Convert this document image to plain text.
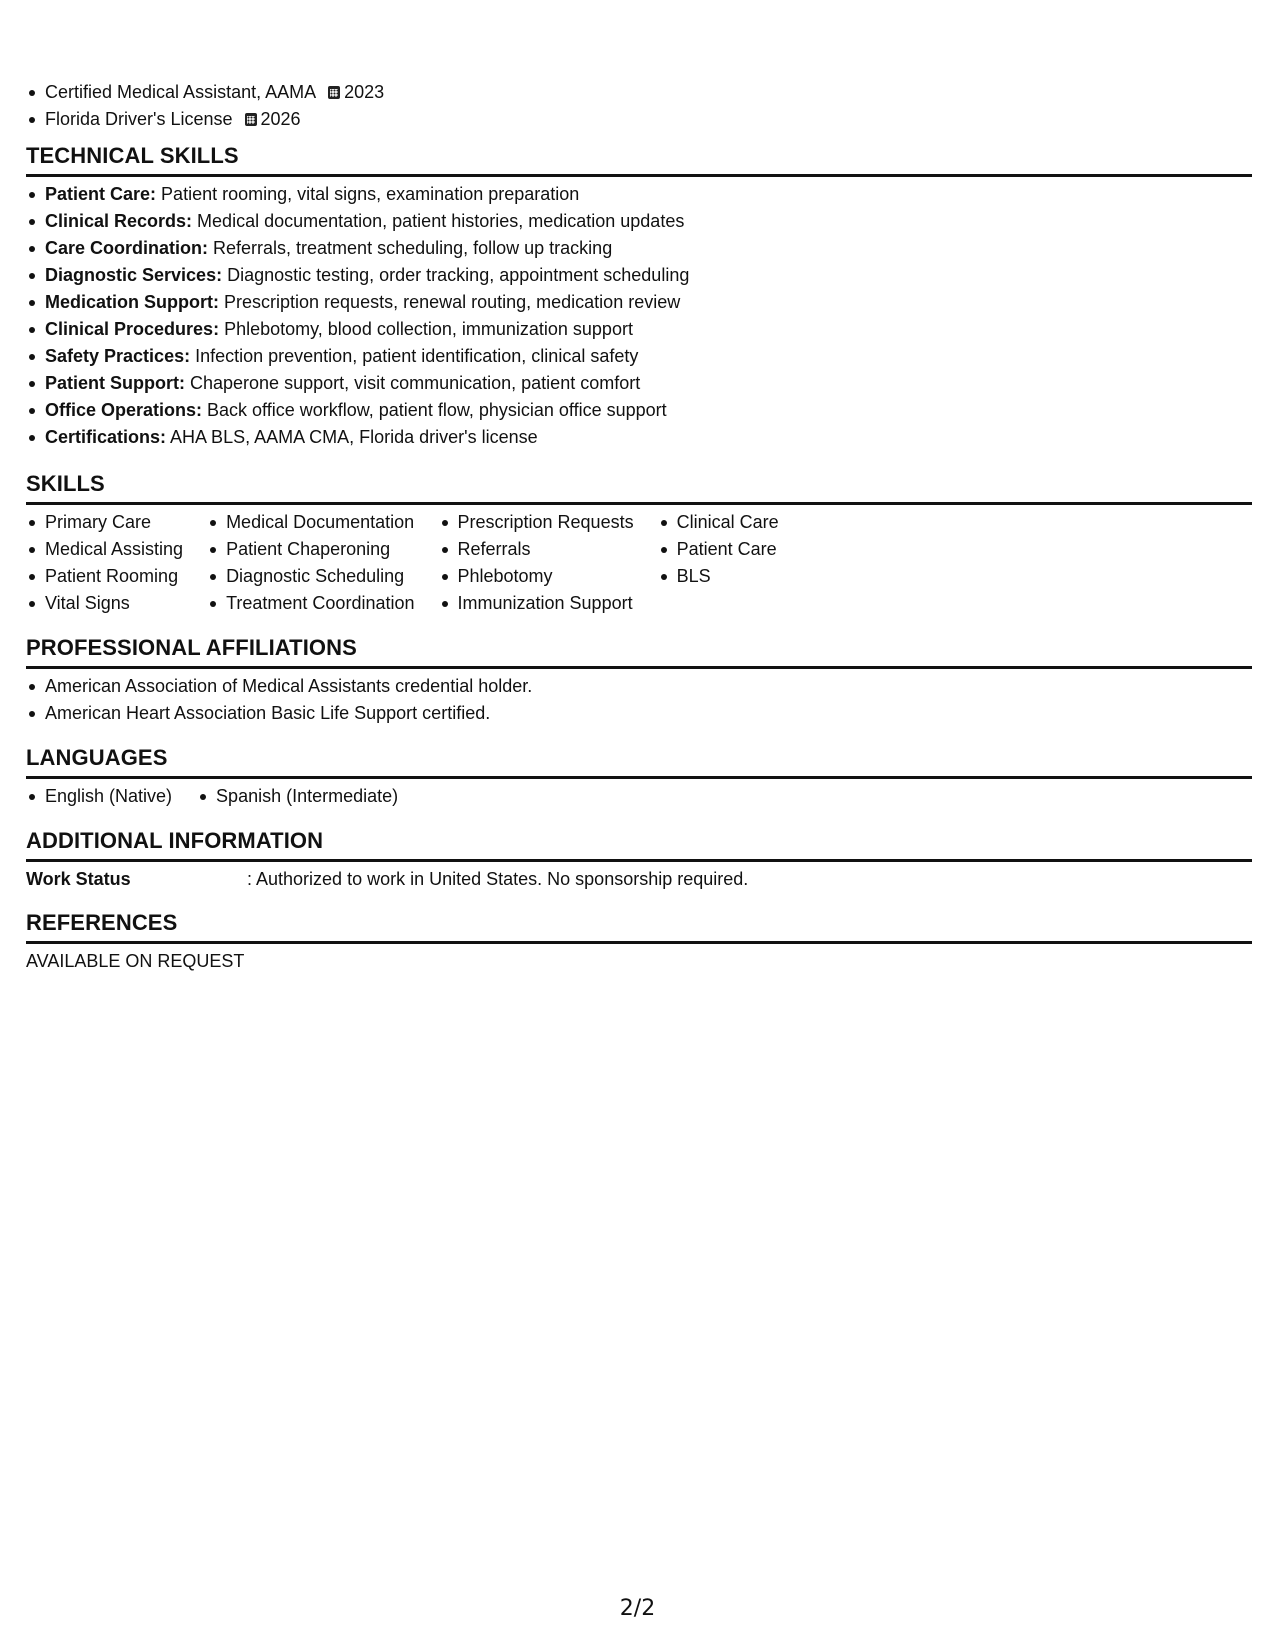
Certified Medical Assistant, AAMA 2023
Florida Driver's License 2026
TECHNICAL SKILLS
Patient Care: Patient rooming, vital signs, examination preparation
Clinical Records: Medical documentation, patient histories, medication updates
Care Coordination: Referrals, treatment scheduling, follow up tracking
Diagnostic Services: Diagnostic testing, order tracking, appointment scheduling
Medication Support: Prescription requests, renewal routing, medication review
Clinical Procedures: Phlebotomy, blood collection, immunization support
Safety Practices: Infection prevention, patient identification, clinical safety
Patient Support: Chaperone support, visit communication, patient comfort
Office Operations: Back office workflow, patient flow, physician office support
Certifications: AHA BLS, AAMA CMA, Florida driver's license
SKILLS
Primary Care
Medical Assisting
Patient Rooming
Vital Signs
Medical Documentation
Patient Chaperoning
Diagnostic Scheduling
Treatment Coordination
Prescription Requests
Referrals
Phlebotomy
Immunization Support
Clinical Care
Patient Care
BLS
PROFESSIONAL AFFILIATIONS
American Association of Medical Assistants credential holder.
American Heart Association Basic Life Support certified.
LANGUAGES
English (Native) Spanish (Intermediate)
ADDITIONAL INFORMATION
Work Status	: Authorized to work in United States. No sponsorship required.
REFERENCES
AVAILABLE ON REQUEST
2/2
